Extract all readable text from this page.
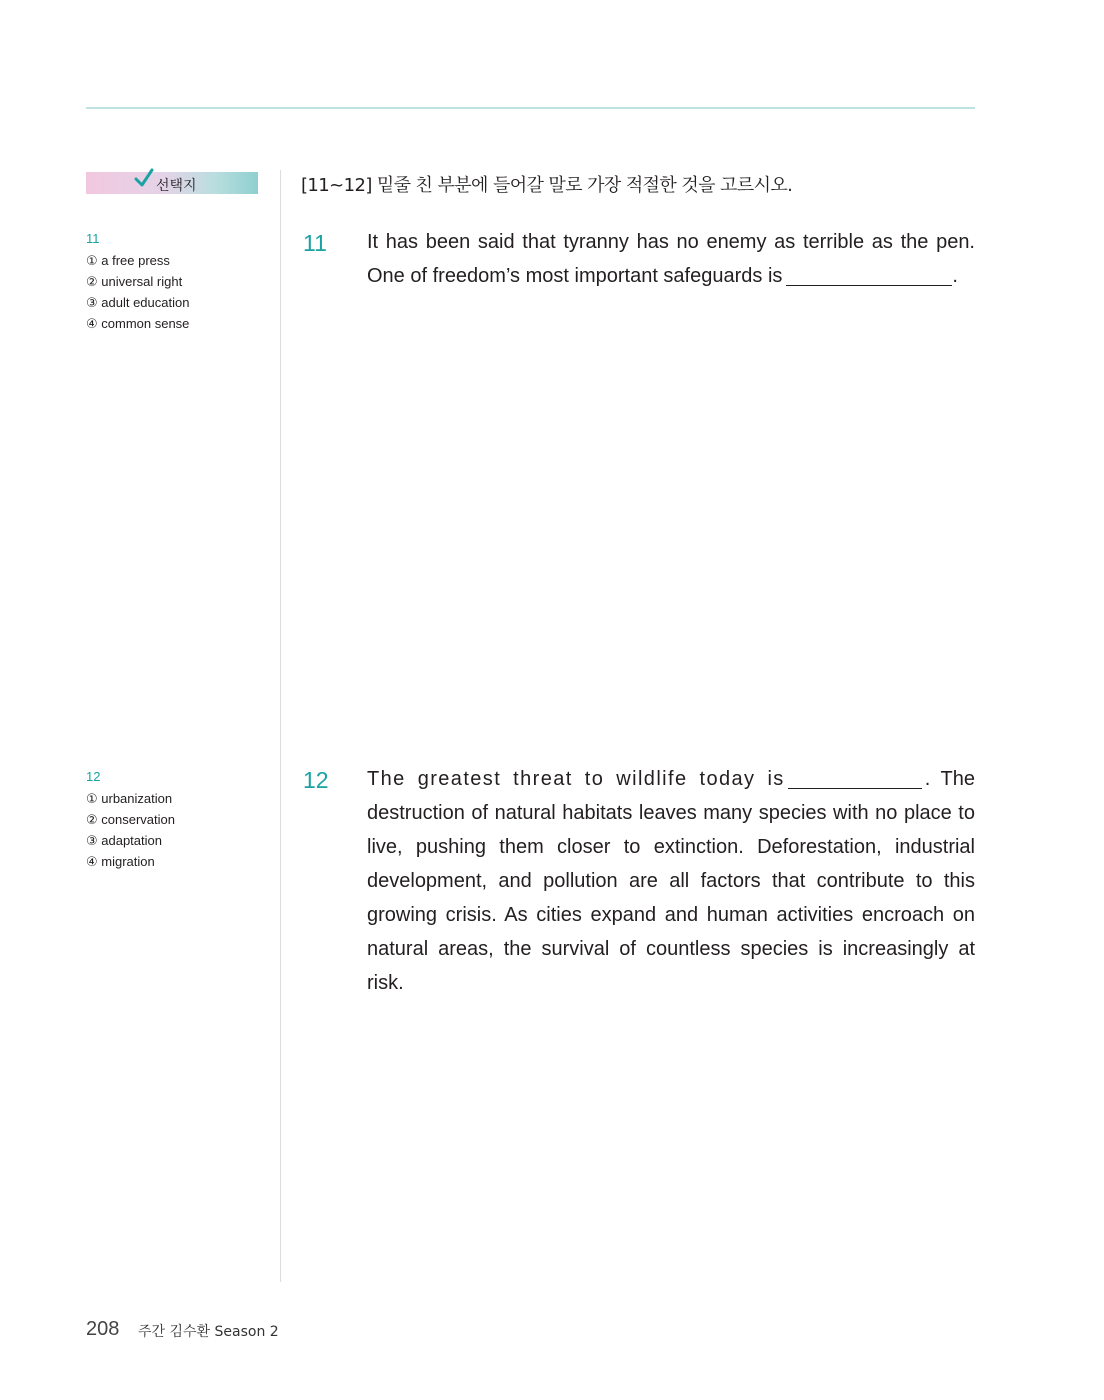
선택지
11
① a free press
② universal right
③ adult education
④ common sense
12
① urbanization
② conservation
③ adaptation
④ migration
[11~12] 밑줄 친 부분에 들어갈 말로 가장 적절한 것을 고르시오.
11 It has been said that tyranny has no enemy as terrible as the pen. One of freedom’s most important safeguards is	.
12 The greatest threat to wildlife today is	. The destruction of natural habitats leaves many species with no place to live, pushing them closer to extinction. Deforestation, industrial development, and pollution are all factors that contribute to this growing crisis. As cities expand and human activities encroach on natural areas, the survival of countless species is increasingly at risk.
208 주간 김수환 Season 2
